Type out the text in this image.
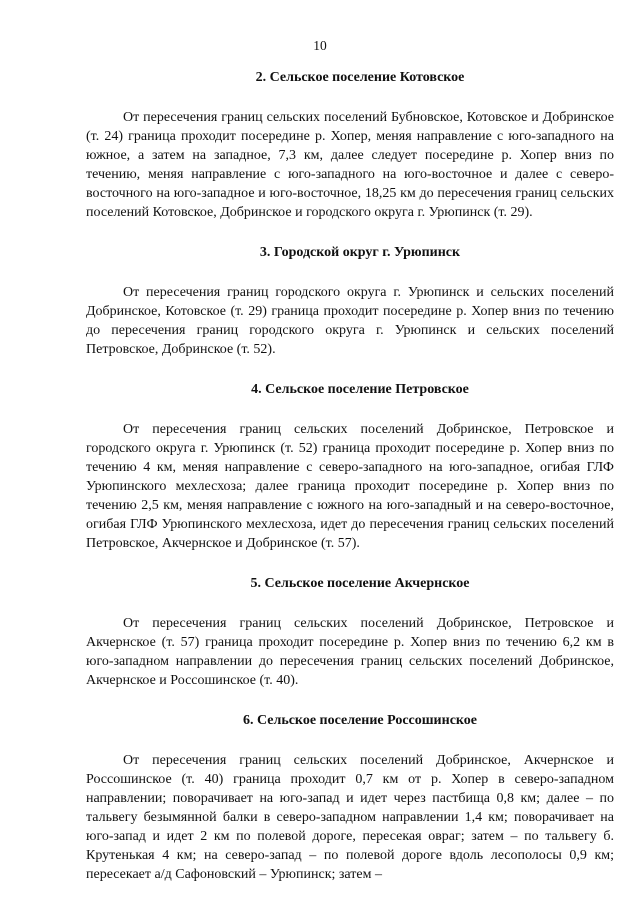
10
2. Сельское поселение Котовское

От пересечения границ сельских поселений Бубновское, Котовское и Добринское (т. 24) граница проходит посередине р. Хопер, меняя направление с юго-западного на южное, а затем на западное, 7,3 км, далее следует посередине р. Хопер вниз по течению, меняя направление с юго-западного на юго-восточное и далее с северо-восточного на юго-западное и юго-восточное, 18,25 км до пересечения границ сельских поселений Котовское, Добринское и городского округа г. Урюпинск (т. 29).

3. Городской округ г. Урюпинск

От пересечения границ городского округа г. Урюпинск и сельских поселений Добринское, Котовское (т. 29) граница проходит посередине р. Хопер вниз по течению до пересечения границ городского округа г. Урюпинск и сельских поселений Петровское, Добринское (т. 52).

4. Сельское поселение Петровское

От пересечения границ сельских поселений Добринское, Петровское и городского округа г. Урюпинск (т. 52) граница проходит посередине р. Хопер вниз по течению 4 км, меняя направление с северо-западного на юго-западное, огибая ГЛФ Урюпинского мехлесхоза; далее граница проходит посередине р. Хопер вниз по течению 2,5 км, меняя направление с южного на юго-западный и на северо-восточное, огибая ГЛФ Урюпинского мехлесхоза, идет до пересечения границ сельских поселений Петровское, Акчернское и Добринское (т. 57).

5. Сельское поселение Акчернское

От пересечения границ сельских поселений Добринское, Петровское и Акчернское (т. 57) граница проходит посередине р. Хопер вниз по течению 6,2 км в юго-западном направлении до пересечения границ сельских поселений Добринское, Акчернское и Россошинское (т. 40).

6. Сельское поселение Россошинское

От пересечения границ сельских поселений Добринское, Акчернское и Россошинское (т. 40) граница проходит 0,7 км от р. Хопер в северо-западном направлении; поворачивает на юго-запад и идет через пастбища 0,8 км; далее – по тальвегу безымянной балки в северо-западном направлении 1,4 км; поворачивает на юго-запад и идет 2 км по полевой дороге, пересекая овраг; затем – по тальвегу б. Крутенькая 4 км; на северо-запад – по полевой дороге вдоль лесополосы 0,9 км; пересекает а/д Сафоновский – Урюпинск; затем –
